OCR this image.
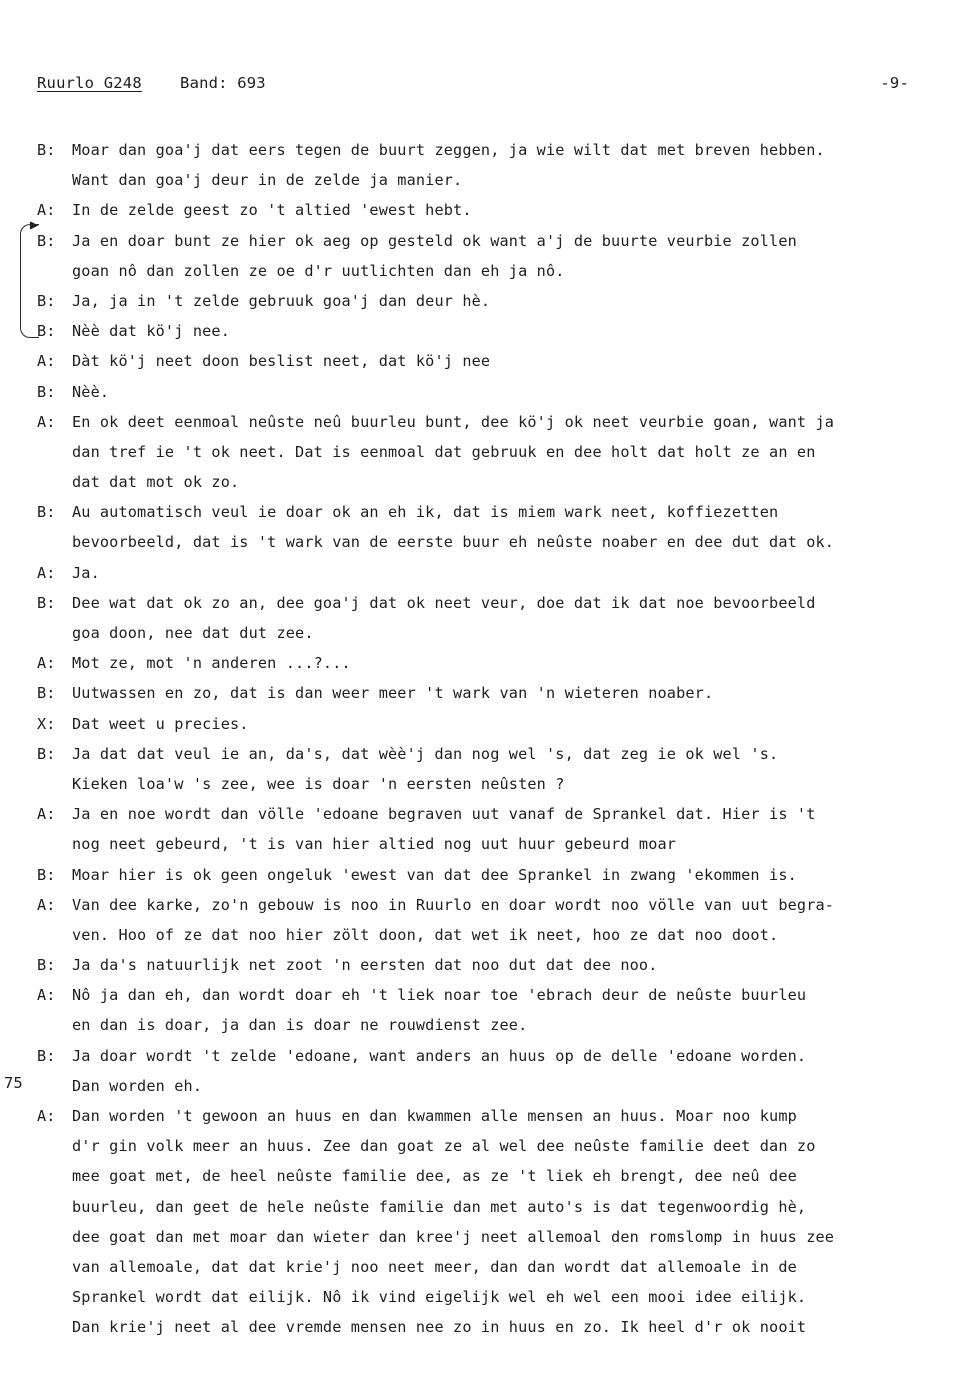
Ruurlo G248 Band: 693	-9-
▶
75
B:	Moar dan goa'j dat eers tegen de buurt zeggen, ja wie wilt dat met breven hebben.
Want dan goa'j deur in de zelde ja manier.
A:	In de zelde geest zo 't altied 'ewest hebt.
B:	Ja en doar bunt ze hier ok aeg op gesteld ok want a'j de buurte veurbie zollen
goan nô dan zollen ze oe d'r uutlichten dan eh ja nô.
B:	Ja, ja in 't zelde gebruuk goa'j dan deur hè.
B:	Nèè dat kö'j nee.
A:	Dàt kö'j neet doon beslist neet, dat kö'j nee
B:	Nèè.
A:	En ok deet eenmoal neûste neû buurleu bunt, dee kö'j ok neet veurbie goan, want ja
dan tref ie 't ok neet. Dat is eenmoal dat gebruuk en dee holt dat holt ze an en
dat dat mot ok zo.
B:	Au automatisch veul ie doar ok an eh ik, dat is miem wark neet, koffiezetten
bevoorbeeld, dat is 't wark van de eerste buur eh neûste noaber en dee dut dat ok.
A:	Ja.
B:	Dee wat dat ok zo an, dee goa'j dat ok neet veur, doe dat ik dat noe bevoorbeeld
goa doon, nee dat dut zee.
A:	Mot ze, mot 'n anderen ...?...
B:	Uutwassen en zo, dat is dan weer meer 't wark van 'n wieteren noaber.
X:	Dat weet u precies.
B:	Ja dat dat veul ie an, da's, dat wèè'j dan nog wel 's, dat zeg ie ok wel 's.
Kieken loa'w 's zee, wee is doar 'n eersten neûsten ?
A:	Ja en noe wordt dan völle 'edoane begraven uut vanaf de Sprankel dat. Hier is 't
nog neet gebeurd, 't is van hier altied nog uut huur gebeurd moar
B:	Moar hier is ok geen ongeluk 'ewest van dat dee Sprankel in zwang 'ekommen is.
A:	Van dee karke, zo'n gebouw is noo in Ruurlo en doar wordt noo völle van uut begra-
ven. Hoo of ze dat noo hier zölt doon, dat wet ik neet, hoo ze dat noo doot.
B:	Ja da's natuurlijk net zoot 'n eersten dat noo dut dat dee noo.
A:	Nô ja dan eh, dan wordt doar eh 't liek noar toe 'ebrach deur de neûste buurleu
en dan is doar, ja dan is doar ne rouwdienst zee.
B:	Ja doar wordt 't zelde 'edoane, want anders an huus op de delle 'edoane worden.
Dan worden eh.
A:	Dan worden 't gewoon an huus en dan kwammen alle mensen an huus. Moar noo kump
d'r gin volk meer an huus. Zee dan goat ze al wel dee neûste familie deet dan zo
mee goat met, de heel neûste familie dee, as ze 't liek eh brengt, dee neû dee
buurleu, dan geet de hele neûste familie dan met auto's is dat tegenwoordig hè,
dee goat dan met moar dan wieter dan kree'j neet allemoal den romslomp in huus zee
van allemoale, dat dat krie'j noo neet meer, dan dan wordt dat allemoale in de
Sprankel wordt dat eilijk. Nô ik vind eigelijk wel eh wel een mooi idee eilijk.
Dan krie'j neet al dee vremde mensen nee zo in huus en zo. Ik heel d'r ok nooit
